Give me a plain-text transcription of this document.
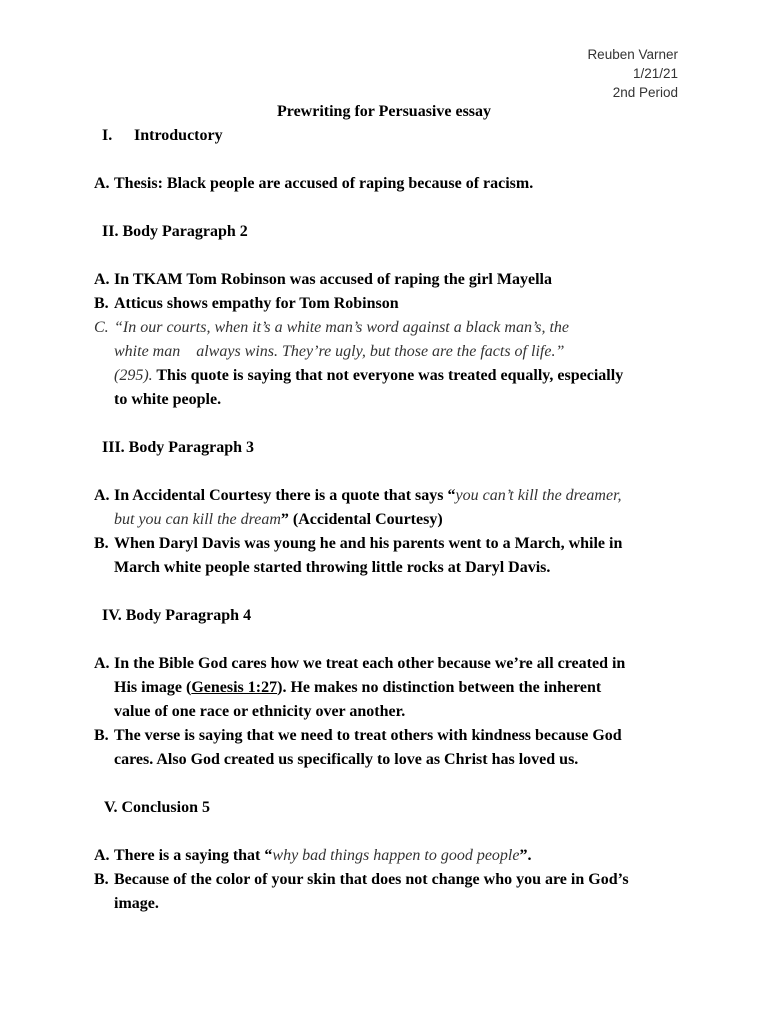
Reuben Varner
1/21/21
2nd Period
Prewriting for Persuasive essay
I. Introductory
A. Thesis: Black people are accused of raping because of racism.
II. Body Paragraph 2
A. In TKAM Tom Robinson was accused of raping the girl Mayella
B. Atticus shows empathy for Tom Robinson
C. “In our courts, when it’s a white man’s word against a black man’s, the
white man    always wins. They’re ugly, but those are the facts of life.”
(295). This quote is saying that not everyone was treated equally, especially
to white people.
III. Body Paragraph 3
A. In Accidental Courtesy there is a quote that says “you can’t kill the dreamer,
but you can kill the dream” (Accidental Courtesy)
B. When Daryl Davis was young he and his parents went to a March, while in
March white people started throwing little rocks at Daryl Davis.
IV. Body Paragraph 4
A. In the Bible God cares how we treat each other because we’re all created in
His image (Genesis 1:27). He makes no distinction between the inherent
value of one race or ethnicity over another.
B. The verse is saying that we need to treat others with kindness because God
cares. Also God created us specifically to love as Christ has loved us.
V. Conclusion 5
A. There is a saying that “why bad things happen to good people”.
B. Because of the color of your skin that does not change who you are in God’s
image.
